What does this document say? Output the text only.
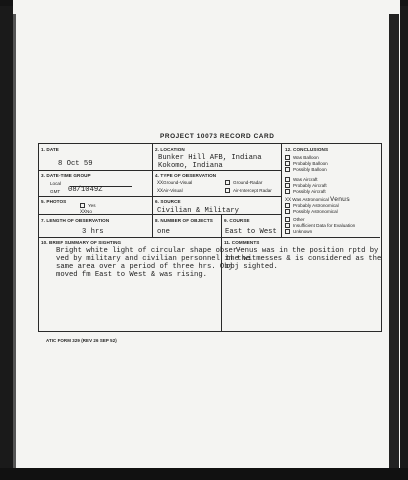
PROJECT 10073 RECORD CARD
1. DATE
8 Oct 59
2. LOCATION
Bunker Hill AFB, Indiana
Kokomo, Indiana
3. DATE-TIME GROUP
Local
GMT 08/1049Z
4. TYPE OF OBSERVATION
XXGround-Visual	Ground-Radar
XXAir-Visual	Air-Intercept Radar
5. PHOTOS
Yes
XXNo
6. SOURCE
Civilian & Military
7. LENGTH OF OBSERVATION
3 hrs
8. NUMBER OF OBJECTS
one
9. COURSE
East to West
10. BRIEF SUMMARY OF SIGHTING
Bright white light of circular shape obser-
ved by military and civilian personnel in the
same area over a period of three hrs. Obj
moved fm East to West & was rising.
11. COMMENTS
Venus was in the position rptd by
the witmesses & is considered as the
obj sighted.
12. CONCLUSIONS
Was Balloon
Probably Balloon
Possibly Balloon
Was Aircraft
Probably Aircraft
Possibly Aircraft
XX Was Astronomical Venus
Probably Astronomical
Possibly Astronomical
Other
Insufficient Data for Evaluation
Unknown
ATIC FORM 329 (REV 26 SEP 52)
